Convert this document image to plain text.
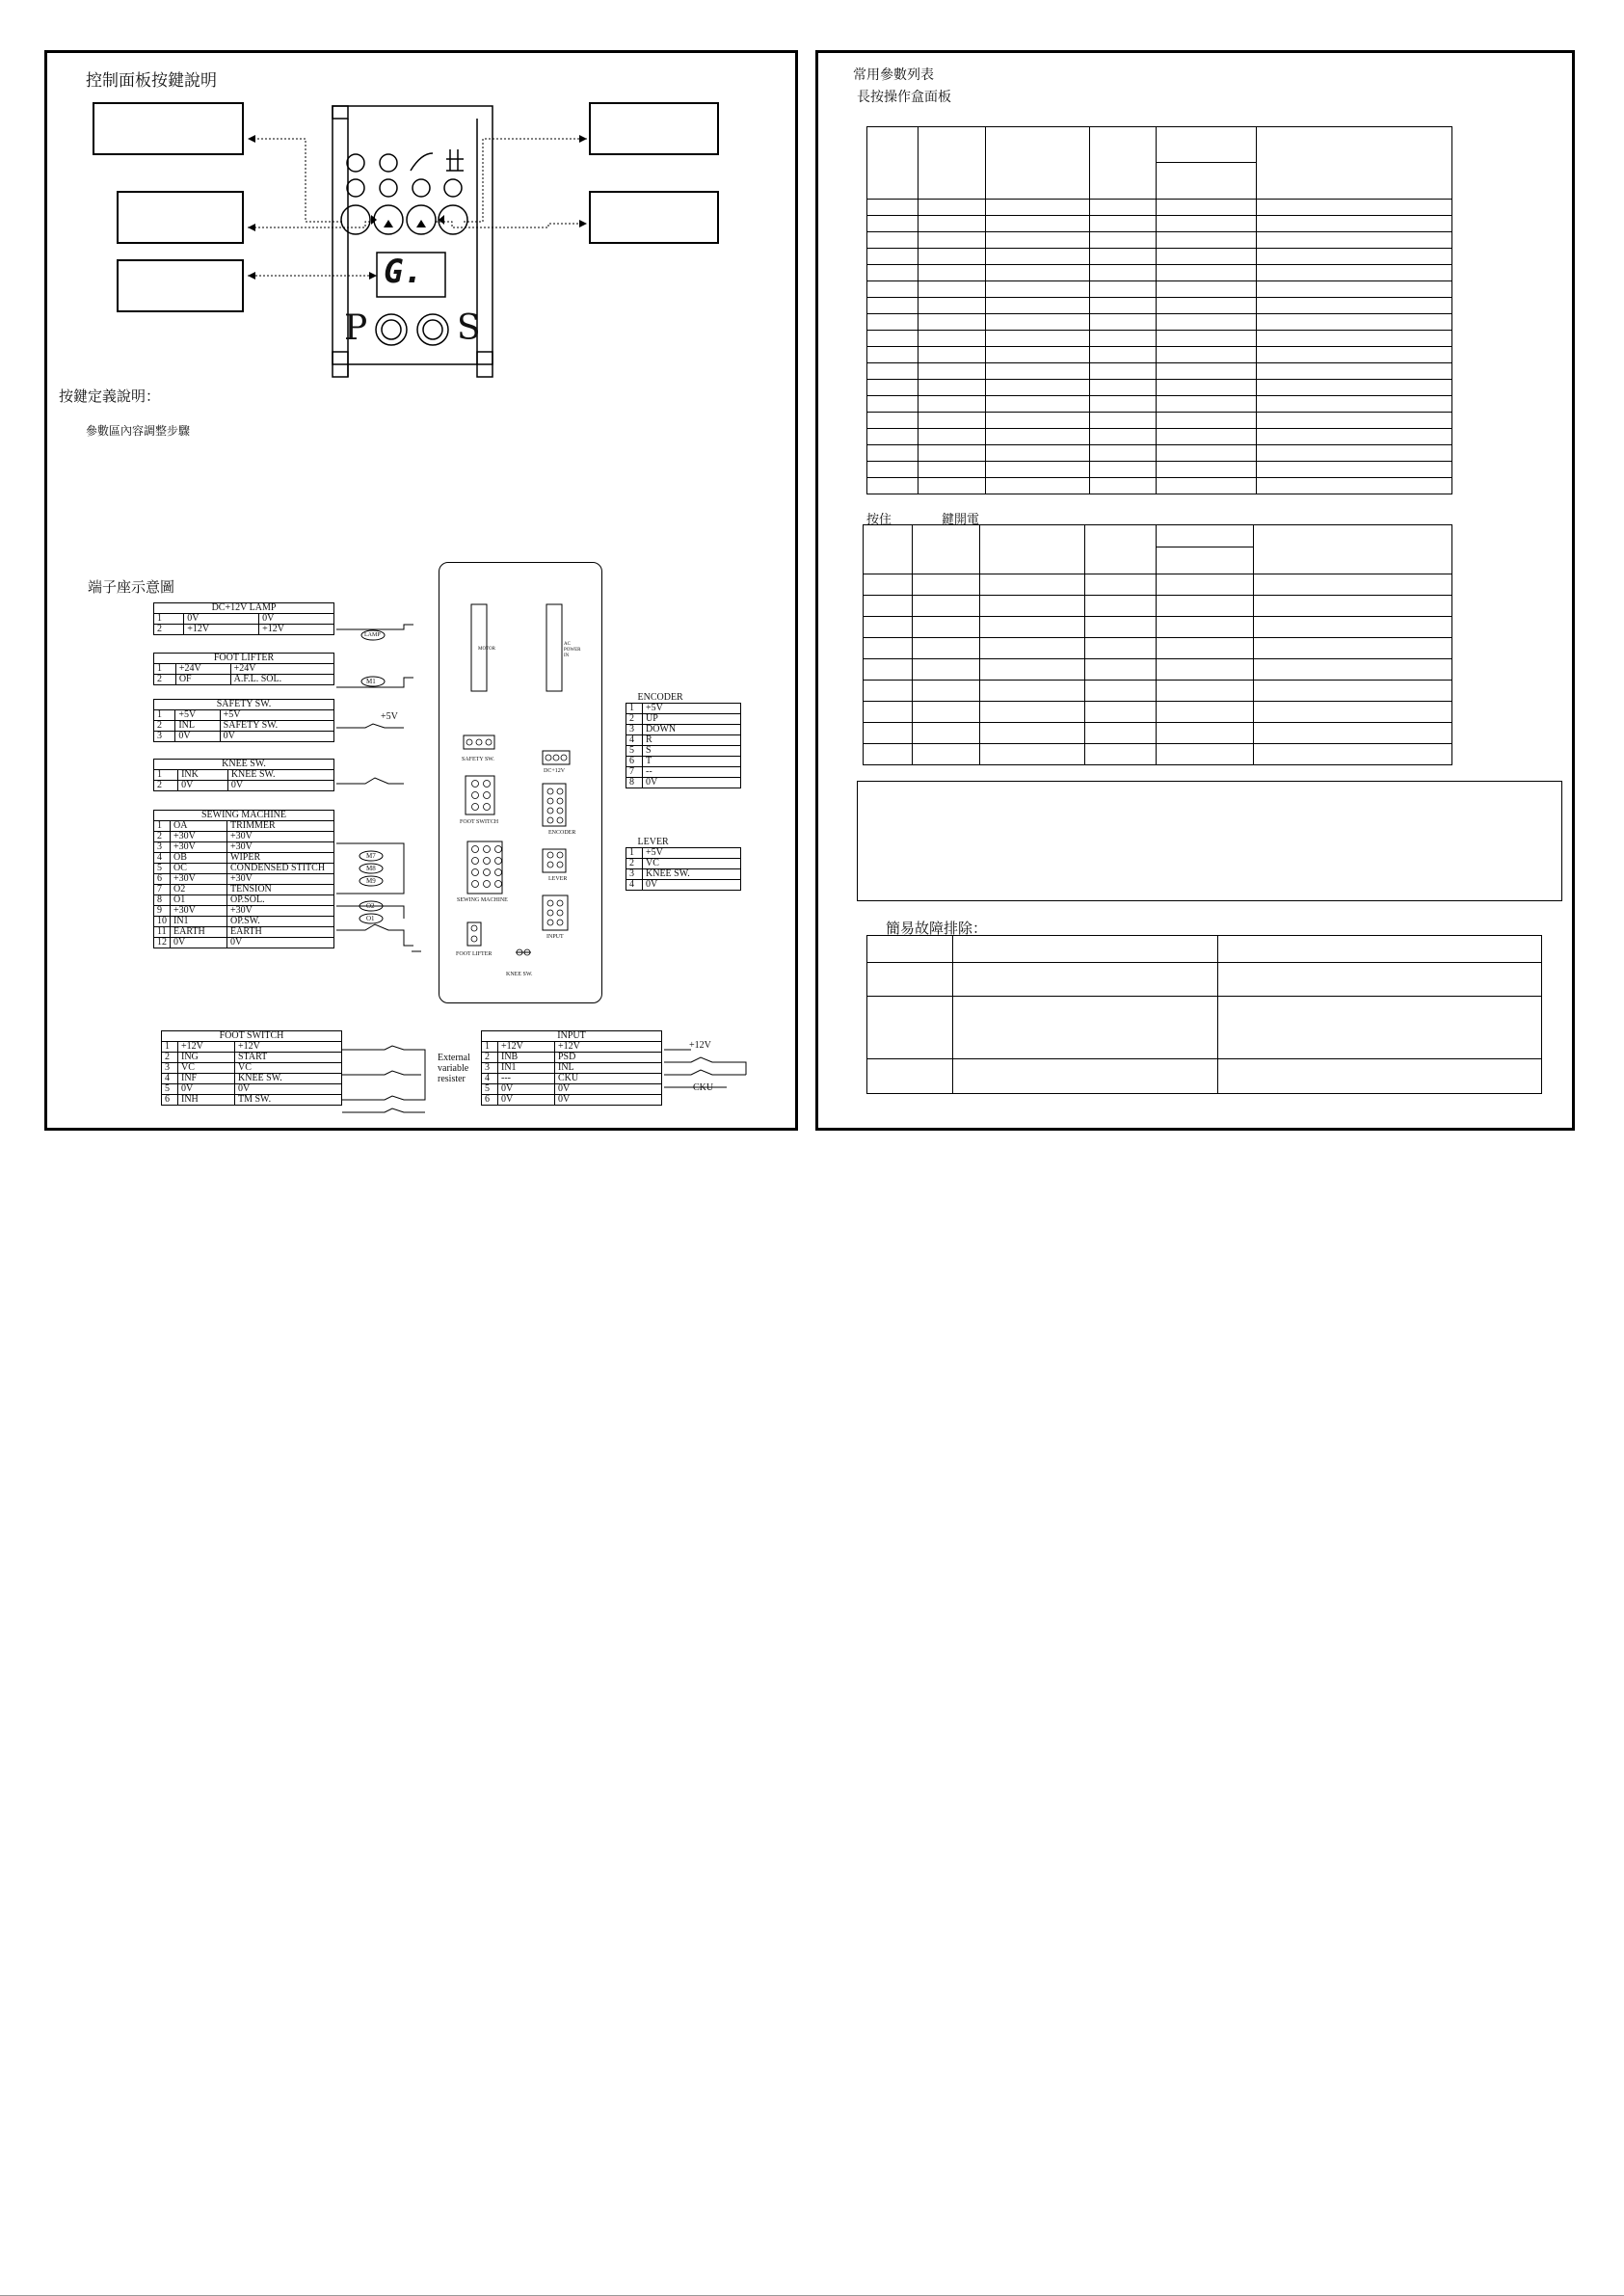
控制面板按鍵說明
G.
P	S
按鍵定義說明：
參數區內容調整步驟
端子座示意圖
DC+12V LAMP		
1	0V	0V
2	+12V	+12V
FOOT LIFTER		
1	+24V	+24V
2	OF	A.F.L. SOL.
SAFETY SW.		
1	+5V	+5V
2	INL	SAFETY SW.
3	0V	0V
KNEE SW.		
1	INK	KNEE SW.
2	0V	0V
SEWING MACHINE		
1	OA	TRIMMER
2	+30V	+30V
3	+30V	+30V
4	OB	WIPER
5	OC	CONDENSED STITCH
6	+30V	+30V
7	O2	TENSION
8	O1	OP.SOL.
9	+30V	+30V
10	IN1	OP.SW.
11	EARTH	EARTH
12	0V	0V
ENCODER	
1	+5V
2	UP
3	DOWN
4	R
5	S
6	T
7	--
8	0V
LEVER	
1	+5V
2	VC
3	KNEE SW.
4	0V
FOOT SWITCH		
1	+12V	+12V
2	ING	START
3	VC	VC
4	INF	KNEE SW.
5	0V	0V
6	INH	TM SW.
INPUT		
1	+12V	+12V
2	INB	PSD
3	IN1	INL
4	---	CKU
5	0V	0V
6	0V	0V
+5V
LAMP
M1
M7
M8
M9
O2
O1
External variable resister
+12V
CKU
MOTOR
AC POWER IN
SAFETY SW.
DC+12V
FOOT SWITCH
ENCODER
SEWING MACHINE
LEVER
INPUT
FOOT LIFTER
KNEE SW.
常用參數列表
長按操作盒面板

按住	鍵開電

簡易故障排除：
